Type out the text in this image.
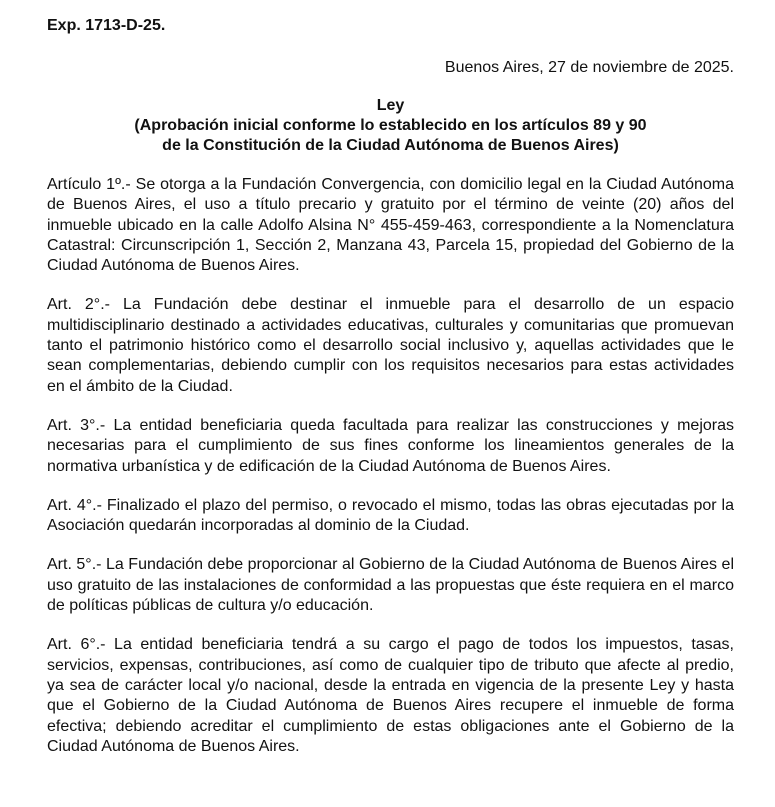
Exp. 1713-D-25.
Buenos Aires, 27 de noviembre de 2025.
Ley
(Aprobación inicial conforme lo establecido en los artículos 89 y 90
de la Constitución de la Ciudad Autónoma de Buenos Aires)

Artículo 1º.- Se otorga a la Fundación Convergencia, con domicilio legal en la Ciudad Autónoma de Buenos Aires, el uso a título precario y gratuito por el término de veinte (20) años del inmueble ubicado en la calle Adolfo Alsina N° 455-459-463, correspondiente a la Nomenclatura Catastral: Circunscripción 1, Sección 2, Manzana 43, Parcela 15, propiedad del Gobierno de la Ciudad Autónoma de Buenos Aires.

Art. 2°.- La Fundación debe destinar el inmueble para el desarrollo de un espacio multidisciplinario destinado a actividades educativas, culturales y comunitarias que promuevan tanto el patrimonio histórico como el desarrollo social inclusivo y, aquellas actividades que le sean complementarias, debiendo cumplir con los requisitos necesarios para estas actividades en el ámbito de la Ciudad.

Art. 3°.- La entidad beneficiaria queda facultada para realizar las construcciones y mejoras necesarias para el cumplimiento de sus fines conforme los lineamientos generales de la normativa urbanística y de edificación de la Ciudad Autónoma de Buenos Aires.

Art. 4°.- Finalizado el plazo del permiso, o revocado el mismo, todas las obras ejecutadas por la Asociación quedarán incorporadas al dominio de la Ciudad.

Art. 5°.- La Fundación debe proporcionar al Gobierno de la Ciudad Autónoma de Buenos Aires el uso gratuito de las instalaciones de conformidad a las propuestas que éste requiera en el marco de políticas públicas de cultura y/o educación.

Art. 6°.- La entidad beneficiaria tendrá a su cargo el pago de todos los impuestos, tasas, servicios, expensas, contribuciones, así como de cualquier tipo de tributo que afecte al predio, ya sea de carácter local y/o nacional, desde la entrada en vigencia de la presente Ley y hasta que el Gobierno de la Ciudad Autónoma de Buenos Aires recupere el inmueble de forma efectiva; debiendo acreditar el cumplimiento de estas obligaciones ante el Gobierno de la Ciudad Autónoma de Buenos Aires.
